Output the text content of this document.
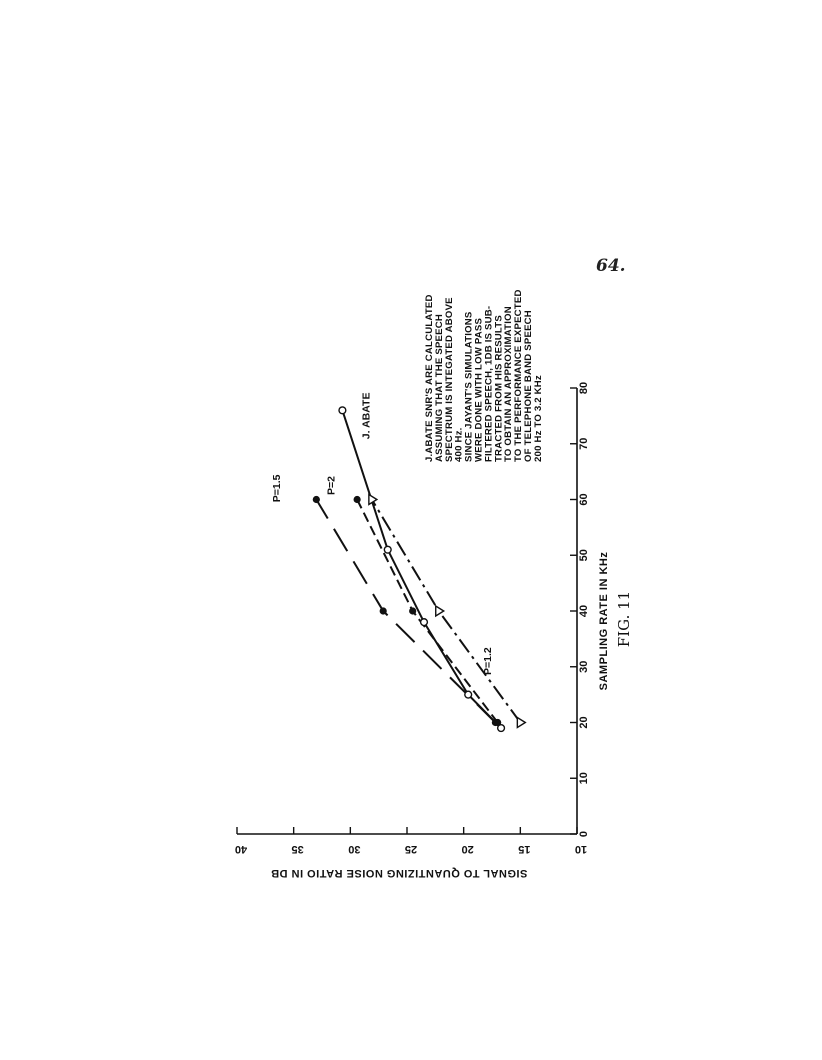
64.
0
10
20
30
40
50
60
70
80
10
15
20
25
30
35
40
SAMPLING RATE IN KHz
SIGNAL TO QUANTIZING NOISE RATIO IN DB
FIG. 11
P=1.5	P=2
J. ABATE
P=1.2
J.ABATE SNR'S ARE CALCULATED
ASSUMING THAT THE SPEECH
SPECTRUM IS INTEGATED ABOVE
400 Hz.
SINCE JAYANT'S SIMULATIONS
WERE DONE WITH LOW PASS
FILTERED SPEECH, 1DB IS SUB-
TRACTED FROM HIS RESULTS
TO OBTAIN AN APPROXIMATION
TO THE PERFORMANCE EXPECTED
OF TELEPHONE BAND SPEECH
200 Hz TO 3.2 KHz
